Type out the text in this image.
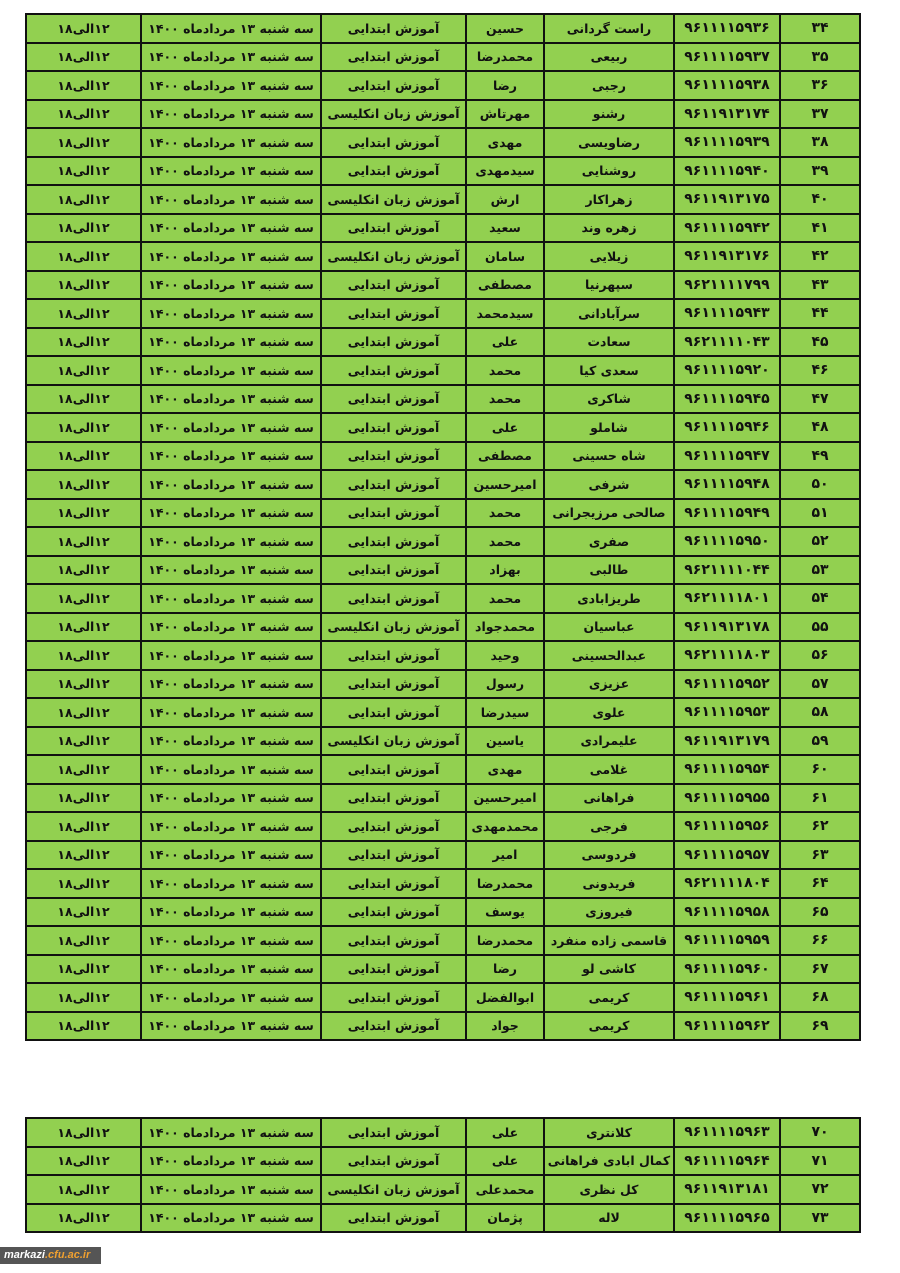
۳۴	۹۶۱۱۱۱۵۹۳۶	راست گردانی	حسین	آموزش ابتدایی	سه شنبه ۱۳ مردادماه ۱۴۰۰	۱۲الی۱۸
۳۵	۹۶۱۱۱۱۵۹۳۷	ربیعی	محمدرضا	آموزش ابتدایی	سه شنبه ۱۳ مردادماه ۱۴۰۰	۱۲الی۱۸
۳۶	۹۶۱۱۱۱۵۹۳۸	رجبی	رضا	آموزش ابتدایی	سه شنبه ۱۳ مردادماه ۱۴۰۰	۱۲الی۱۸
۳۷	۹۶۱۱۹۱۳۱۷۴	رشنو	مهرتاش	آموزش زبان انکلیسی	سه شنبه ۱۳ مردادماه ۱۴۰۰	۱۲الی۱۸
۳۸	۹۶۱۱۱۱۵۹۳۹	رضاویسی	مهدی	آموزش ابتدایی	سه شنبه ۱۳ مردادماه ۱۴۰۰	۱۲الی۱۸
۳۹	۹۶۱۱۱۱۵۹۴۰	روشنایی	سیدمهدی	آموزش ابتدایی	سه شنبه ۱۳ مردادماه ۱۴۰۰	۱۲الی۱۸
۴۰	۹۶۱۱۹۱۳۱۷۵	زهراکار	ارش	آموزش زبان انکلیسی	سه شنبه ۱۳ مردادماه ۱۴۰۰	۱۲الی۱۸
۴۱	۹۶۱۱۱۱۵۹۴۲	زهره وند	سعید	آموزش ابتدایی	سه شنبه ۱۳ مردادماه ۱۴۰۰	۱۲الی۱۸
۴۲	۹۶۱۱۹۱۳۱۷۶	زیلایی	سامان	آموزش زبان انکلیسی	سه شنبه ۱۳ مردادماه ۱۴۰۰	۱۲الی۱۸
۴۳	۹۶۲۱۱۱۱۷۹۹	سپهرنیا	مصطفی	آموزش ابتدایی	سه شنبه ۱۳ مردادماه ۱۴۰۰	۱۲الی۱۸
۴۴	۹۶۱۱۱۱۵۹۴۳	سرآبادانی	سیدمحمد	آموزش ابتدایی	سه شنبه ۱۳ مردادماه ۱۴۰۰	۱۲الی۱۸
۴۵	۹۶۲۱۱۱۱۰۴۳	سعادت	علی	آموزش ابتدایی	سه شنبه ۱۳ مردادماه ۱۴۰۰	۱۲الی۱۸
۴۶	۹۶۱۱۱۱۵۹۲۰	سعدی کیا	محمد	آموزش ابتدایی	سه شنبه ۱۳ مردادماه ۱۴۰۰	۱۲الی۱۸
۴۷	۹۶۱۱۱۱۵۹۴۵	شاکری	محمد	آموزش ابتدایی	سه شنبه ۱۳ مردادماه ۱۴۰۰	۱۲الی۱۸
۴۸	۹۶۱۱۱۱۵۹۴۶	شاملو	علی	آموزش ابتدایی	سه شنبه ۱۳ مردادماه ۱۴۰۰	۱۲الی۱۸
۴۹	۹۶۱۱۱۱۵۹۴۷	شاه حسینی	مصطفی	آموزش ابتدایی	سه شنبه ۱۳ مردادماه ۱۴۰۰	۱۲الی۱۸
۵۰	۹۶۱۱۱۱۵۹۴۸	شرفی	امیرحسین	آموزش ابتدایی	سه شنبه ۱۳ مردادماه ۱۴۰۰	۱۲الی۱۸
۵۱	۹۶۱۱۱۱۵۹۴۹	صالحی مرزیجرانی	محمد	آموزش ابتدایی	سه شنبه ۱۳ مردادماه ۱۴۰۰	۱۲الی۱۸
۵۲	۹۶۱۱۱۱۵۹۵۰	صفری	محمد	آموزش ابتدایی	سه شنبه ۱۳ مردادماه ۱۴۰۰	۱۲الی۱۸
۵۳	۹۶۲۱۱۱۱۰۴۴	طالبی	بهزاد	آموزش ابتدایی	سه شنبه ۱۳ مردادماه ۱۴۰۰	۱۲الی۱۸
۵۴	۹۶۲۱۱۱۱۸۰۱	طریزابادی	محمد	آموزش ابتدایی	سه شنبه ۱۳ مردادماه ۱۴۰۰	۱۲الی۱۸
۵۵	۹۶۱۱۹۱۳۱۷۸	عباسیان	محمدجواد	آموزش زبان انکلیسی	سه شنبه ۱۳ مردادماه ۱۴۰۰	۱۲الی۱۸
۵۶	۹۶۲۱۱۱۱۸۰۳	عبدالحسینی	وحید	آموزش ابتدایی	سه شنبه ۱۳ مردادماه ۱۴۰۰	۱۲الی۱۸
۵۷	۹۶۱۱۱۱۵۹۵۲	عزیزی	رسول	آموزش ابتدایی	سه شنبه ۱۳ مردادماه ۱۴۰۰	۱۲الی۱۸
۵۸	۹۶۱۱۱۱۵۹۵۳	علوی	سیدرضا	آموزش ابتدایی	سه شنبه ۱۳ مردادماه ۱۴۰۰	۱۲الی۱۸
۵۹	۹۶۱۱۹۱۳۱۷۹	علیمرادی	یاسین	آموزش زبان انکلیسی	سه شنبه ۱۳ مردادماه ۱۴۰۰	۱۲الی۱۸
۶۰	۹۶۱۱۱۱۵۹۵۴	غلامی	مهدی	آموزش ابتدایی	سه شنبه ۱۳ مردادماه ۱۴۰۰	۱۲الی۱۸
۶۱	۹۶۱۱۱۱۵۹۵۵	فراهانی	امیرحسین	آموزش ابتدایی	سه شنبه ۱۳ مردادماه ۱۴۰۰	۱۲الی۱۸
۶۲	۹۶۱۱۱۱۵۹۵۶	فرجی	محمدمهدی	آموزش ابتدایی	سه شنبه ۱۳ مردادماه ۱۴۰۰	۱۲الی۱۸
۶۳	۹۶۱۱۱۱۵۹۵۷	فردوسی	امیر	آموزش ابتدایی	سه شنبه ۱۳ مردادماه ۱۴۰۰	۱۲الی۱۸
۶۴	۹۶۲۱۱۱۱۸۰۴	فریدونی	محمدرضا	آموزش ابتدایی	سه شنبه ۱۳ مردادماه ۱۴۰۰	۱۲الی۱۸
۶۵	۹۶۱۱۱۱۵۹۵۸	فیروزی	یوسف	آموزش ابتدایی	سه شنبه ۱۳ مردادماه ۱۴۰۰	۱۲الی۱۸
۶۶	۹۶۱۱۱۱۵۹۵۹	قاسمی زاده منفرد	محمدرضا	آموزش ابتدایی	سه شنبه ۱۳ مردادماه ۱۴۰۰	۱۲الی۱۸
۶۷	۹۶۱۱۱۱۵۹۶۰	کاشی لو	رضا	آموزش ابتدایی	سه شنبه ۱۳ مردادماه ۱۴۰۰	۱۲الی۱۸
۶۸	۹۶۱۱۱۱۵۹۶۱	کریمی	ابوالفضل	آموزش ابتدایی	سه شنبه ۱۳ مردادماه ۱۴۰۰	۱۲الی۱۸
۶۹	۹۶۱۱۱۱۵۹۶۲	کریمی	جواد	آموزش ابتدایی	سه شنبه ۱۳ مردادماه ۱۴۰۰	۱۲الی۱۸
۷۰	۹۶۱۱۱۱۵۹۶۳	کلانتری	علی	آموزش ابتدایی	سه شنبه ۱۳ مردادماه ۱۴۰۰	۱۲الی۱۸
۷۱	۹۶۱۱۱۱۵۹۶۴	کمال ابادی فراهانی	علی	آموزش ابتدایی	سه شنبه ۱۳ مردادماه ۱۴۰۰	۱۲الی۱۸
۷۲	۹۶۱۱۹۱۳۱۸۱	کل نظری	محمدعلی	آموزش زبان انکلیسی	سه شنبه ۱۳ مردادماه ۱۴۰۰	۱۲الی۱۸
۷۳	۹۶۱۱۱۱۵۹۶۵	لاله	پژمان	آموزش ابتدایی	سه شنبه ۱۳ مردادماه ۱۴۰۰	۱۲الی۱۸
markazi.cfu.ac.ir
